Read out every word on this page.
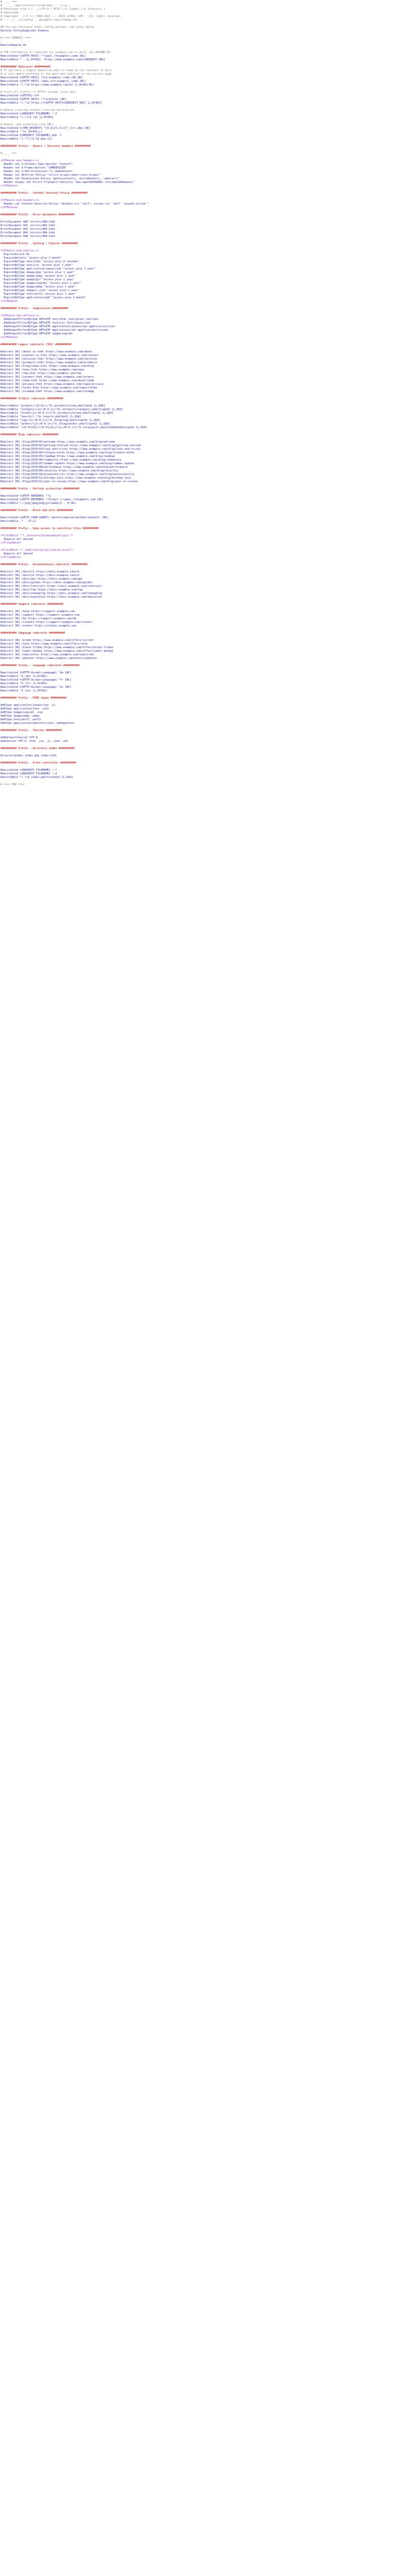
# ____ ===
# ______ application/x-httpd-php ... (e.g.)
# Generated from a [...] UTF-8 / HTTP 2.0 (Jumbo) 1.0 (Protocol )
# Generated
# Copyright - 2.0 (c) 1999-2023 ... 2023 (CPEG) (RF) - All rights reserved.
# ---- [...]x/config ...@example.org/sitemap.xml ---
## You can configure other config options, see notes below
Options FollowSymLinks Indexes
# ==== GENERIC ====
RewriteEngine On
# THE information is required for example.com to work, see README.md
RewriteCond %{HTTP_HOST} !^(www\.)?example\.com$ [NC]
RewriteRule ^ - [L,R=301]  https://www.example.com/%{REQUEST_URI}
########## Redirects ##########
# If you have a legacy domain we want to keep we can redirect it here
# it will match anything in the path and redirect to the correct page
RewriteCond %{HTTP_HOST} ^old-example\.com$ [NC,OR]
RewriteCond %{HTTP_HOST} ^www\.old-example\.com$ [NC]
RewriteRule ^(.*)$ https://www.example.com/$1 [L,R=301,NC]
# Force all traffic to HTTPS (except local dev)
RewriteCond %{HTTPS} off
RewriteCond %{HTTP_HOST} !^localhost [NC]
RewriteRule ^(.*)$ https://%{HTTP_HOST}%{REQUEST_URI} [L,R=301]
# Remove trailing slashes from non-directories
RewriteCond %{REQUEST_FILENAME} !-d
RewriteRule ^(.*)/$ /$1 [L,R=301]
# Remove .php extension from URLs
RewriteCond %{THE_REQUEST} ^[A-Z]{3,}\s([^.]+)\.php [NC]
RewriteRule ^ %1 [R=301,L]
RewriteCond %{REQUEST_FILENAME}.php -f
RewriteRule ^(.*?)/?$ $1.php [L]
########## Prefix - Owners / Security headers ##########
# ____ ===
<IfModule mod_headers.c>
Header set X-Content-Type-Options "nosniff"
Header set X-Frame-Options "SAMEORIGIN"
Header set X-XSS-Protection "1; mode=block"
Header set Referrer-Policy "strict-origin-when-cross-origin"
Header set Permissions-Policy "geolocation=(), microphone=(), camera=()"
Header always set Strict-Transport-Security "max-age=31536000; includeSubDomains"
</IfModule>
########## Prefix - Content Security Policy ##########
<IfModule mod_headers.c>
Header set Content-Security-Policy "default-src 'self'; script-src 'self' 'unsafe-inline'"
</IfModule>
########## Prefix - Error documents ##########
ErrorDocument 400 /errors/400.html
ErrorDocument 401 /errors/401.html
ErrorDocument 403 /errors/403.html
ErrorDocument 404 /errors/404.html
ErrorDocument 500 /errors/500.html
########## Prefix - Caching / Expires ##########
<IfModule mod_expires.c>
ExpiresActive On
ExpiresDefault "access plus 1 month"
ExpiresByType text/html "access plus 0 seconds"
ExpiresByType text/css "access plus 1 year"
ExpiresByType application/javascript "access plus 1 year"
ExpiresByType image/png "access plus 1 year"
ExpiresByType image/jpeg "access plus 1 year"
ExpiresByType image/gif "access plus 1 year"
ExpiresByType image/svg+xml "access plus 1 year"
ExpiresByType image/webp "access plus 1 year"
ExpiresByType image/x-icon "access plus 1 year"
ExpiresByType font/woff2 "access plus 1 year"
ExpiresByType application/pdf "access plus 1 month"
</IfModule>
########## Prefix - Compression ##########
<IfModule mod_deflate.c>
AddOutputFilterByType DEFLATE text/html text/plain text/xml
AddOutputFilterByType DEFLATE text/css text/javascript
AddOutputFilterByType DEFLATE application/javascript application/json
AddOutputFilterByType DEFLATE application/xml application/rss+xml
AddOutputFilterByType DEFLATE image/svg+xml
</IfModule>
########## Legacy redirects (301) ##########
Redirect 301 /about-us.html https://www.example.com/about
Redirect 301 /contact-us.html https://www.example.com/contact
Redirect 301 /services.html https://www.example.com/services
Redirect 301 /products.html https://www.example.com/products
Redirect 301 /blog/index.html https://www.example.com/blog
Redirect 301 /news.html https://www.example.com/news
Redirect 301 /faq.html https://www.example.com/faq
Redirect 301 /careers.html https://www.example.com/careers
Redirect 301 /team.html https://www.example.com/about/team
Redirect 301 /privacy.html https://www.example.com/legal/privacy
Redirect 301 /terms.html https://www.example.com/legal/terms
Redirect 301 /sitemap.html https://www.example.com/sitemap
########## Product redirects ##########
RewriteRule ^product/([0-9]+)/?$ /products/item.php?id=$1 [L,QSA]
RewriteRule ^category/([a-z0-9-]+)/?$ /products/category.php?slug=$1 [L,QSA]
RewriteRule ^brand/([a-z0-9-]+)/?$ /products/brand.php?slug=$1 [L,QSA]
RewriteRule ^search/(.*)$ /search.php?q=$1 [L,QSA]
RewriteRule ^tag/([a-z0-9-]+)/?$ /blog/tag.php?slug=$1 [L,QSA]
RewriteRule ^author/([a-z0-9-]+)/?$ /blog/author.php?slug=$1 [L,QSA]
RewriteRule ^([0-9]{4})/([0-9]{2})/([a-z0-9-]+)/?$ /blog/post.php?y=$1&m=$2&slug=$3 [L,QSA]
########## Blog redirects ##########
Redirect 301 /blog/2019/01/welcome https://www.example.com/blog/welcome
Redirect 301 /blog/2019/02/getting-started https://www.example.com/blog/getting-started
Redirect 301 /blog/2019/03/tips-and-tricks https://www.example.com/blog/tips-and-tricks
Redirect 301 /blog/2019/04/release-notes https://www.example.com/blog/release-notes
Redirect 301 /blog/2019/05/roadmap https://www.example.com/blog/roadmap
Redirect 301 /blog/2019/06/community https://www.example.com/blog/community
Redirect 301 /blog/2019/07/summer-update https://www.example.com/blog/summer-update
Redirect 301 /blog/2019/08/performance https://www.example.com/blog/performance
Redirect 301 /blog/2019/09/security https://www.example.com/blog/security
Redirect 301 /blog/2019/10/accessibility https://www.example.com/blog/accessibility
Redirect 301 /blog/2019/11/holiday-sale https://www.example.com/blog/holiday-sale
Redirect 301 /blog/2019/12/year-in-review https://www.example.com/blog/year-in-review
########## Prefix - Hotlink protection ##########
RewriteCond %{HTTP_REFERER} !^$
RewriteCond %{HTTP_REFERER} !^https?://(www\.)?example\.com [NC]
RewriteRule \.(jpg|jpeg|png|gif|webp)$ - [F,NC]
########## Prefix - Block bad bots ##########
RewriteCond %{HTTP_USER_AGENT} (ahrefs|semrush|mj12bot|dotbot) [NC]
RewriteRule .* - [F,L]
########## Prefix - Deny access to sensitive files ##########
<FilesMatch "^\.(htaccess|htpasswd|env|git)">
Require all denied
</FilesMatch>
<FilesMatch "\.(bak|config|sql|log|sh|ini)$">
Require all denied
</FilesMatch>
########## Prefix - Documentation redirects ##########
Redirect 301 /docs/v1 https://docs.example.com/v1
Redirect 301 /docs/v2 https://docs.example.com/v2
Redirect 301 /docs/api https://docs.example.com/api
Redirect 301 /docs/guides https://docs.example.com/guides
Redirect 301 /docs/tutorials https://docs.example.com/tutorials
Redirect 301 /docs/faq https://docs.example.com/faq
Redirect 301 /docs/changelog https://docs.example.com/changelog
Redirect 301 /docs/migration https://docs.example.com/migration
########## Support redirects ##########
Redirect 301 /help https://support.example.com
Redirect 301 /support https://support.example.com
Redirect 301 /kb https://support.example.com/kb
Redirect 301 /tickets https://support.example.com/tickets
Redirect 301 /status https://status.example.com
########## Campaign redirects ##########
Redirect 302 /promo https://www.example.com/offers/current
Redirect 302 /sale https://www.example.com/offers/sale
Redirect 302 /black-friday https://www.example.com/offers/black-friday
Redirect 302 /cyber-monday https://www.example.com/offers/cyber-monday
Redirect 302 /newsletter https://www.example.com/subscribe
Redirect 302 /webinar https://www.example.com/events/webinar
########## Prefix - Language redirects ##########
RewriteCond %{HTTP:Accept-Language} ^de [NC]
RewriteRule ^$ /de/ [L,R=302]
RewriteCond %{HTTP:Accept-Language} ^fr [NC]
RewriteRule ^$ /fr/ [L,R=302]
RewriteCond %{HTTP:Accept-Language} ^es [NC]
RewriteRule ^$ /es/ [L,R=302]
########## Prefix - MIME types ##########
AddType application/javascript .js
AddType application/json .json
AddType image/svg+xml .svg
AddType image/webp .webp
AddType font/woff2 .woff2
AddType application/manifest+json .webmanifest
########## Prefix - Charset ##########
AddDefaultCharset UTF-8
AddCharset UTF-8 .html .css .js .json .xml
########## Prefix - Directory index ##########
DirectoryIndex index.php index.html
########## Prefix - Front controller ##########
RewriteCond %{REQUEST_FILENAME} !-f
RewriteCond %{REQUEST_FILENAME} !-d
RewriteRule ^(.*)$ index.php?route=$1 [L,QSA]
# ==== END ====
